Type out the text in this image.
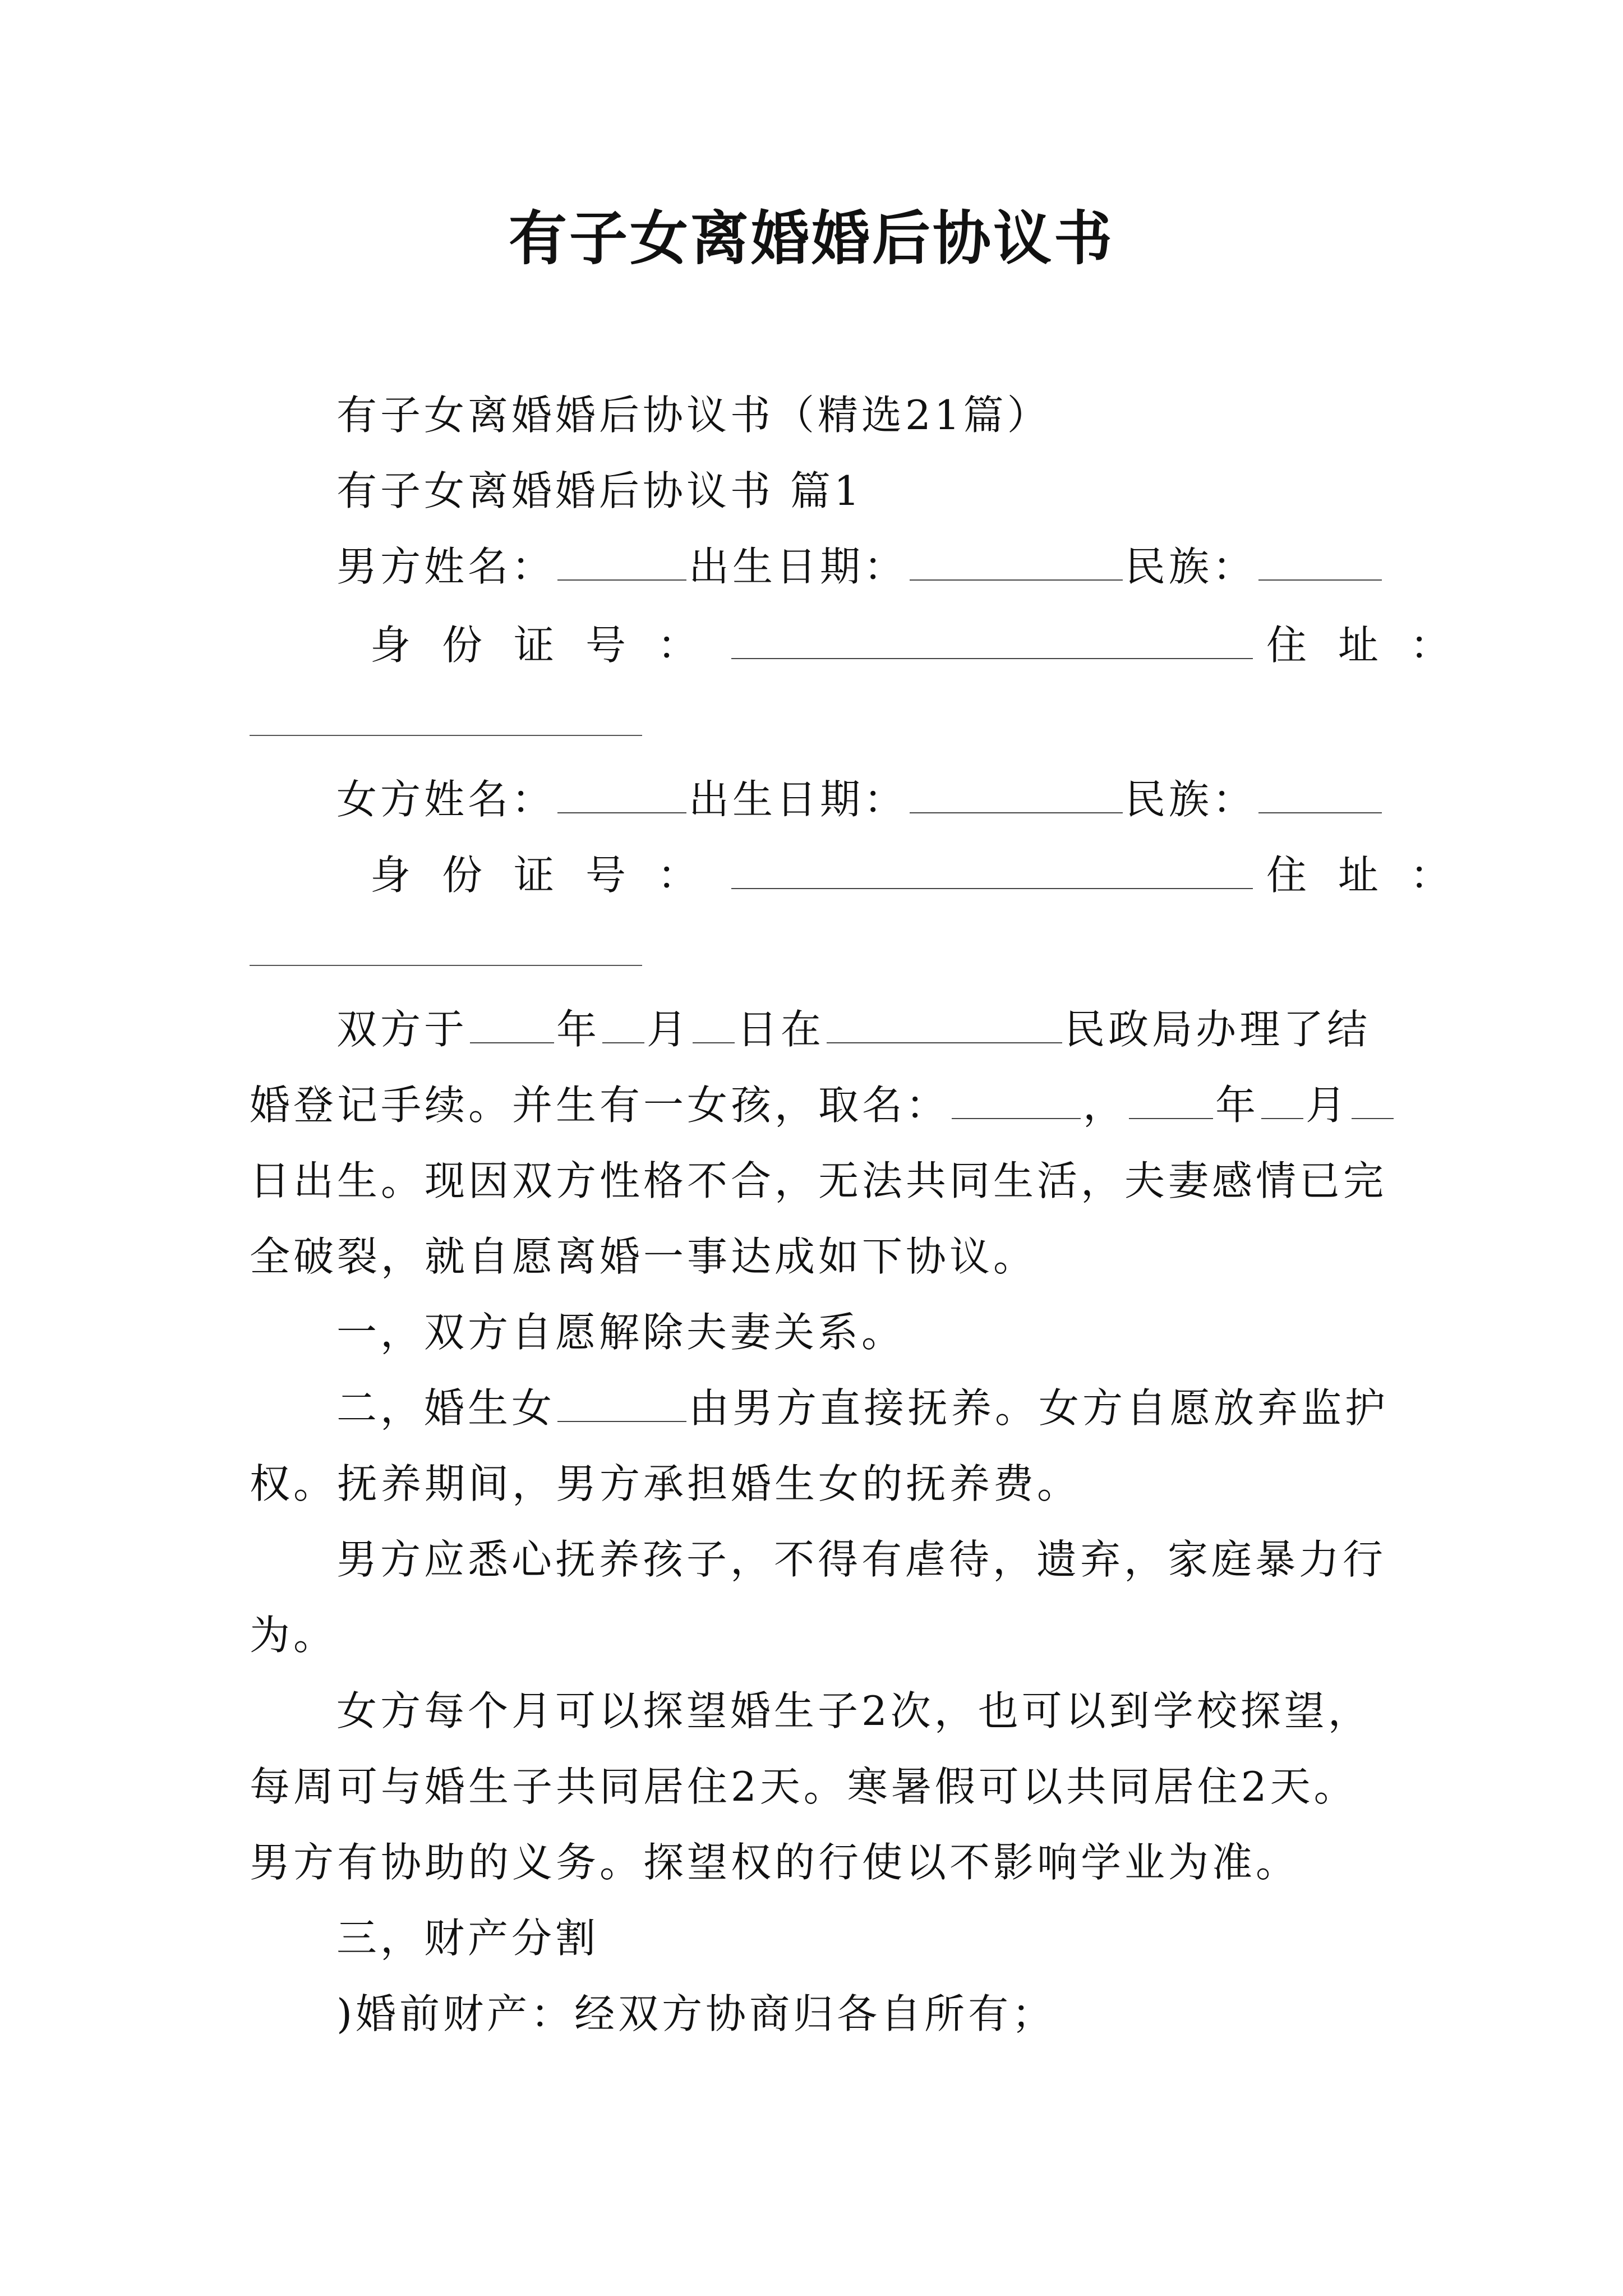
有子女离婚婚后协议书
有子女离婚婚后协议书（精选21篇）
有子女离婚婚后协议书 篇1
男方姓名：	出生日期：	民族：
身份证号：	住址：
女方姓名：	出生日期：	民族：
身份证号：	住址：
双方于 年 月 日在	民政局办理了结
婚登记手续。并生有一女孩，取名：	， 年 月
日出生。现因双方性格不合，无法共同生活，夫妻感情已完
全破裂，就自愿离婚一事达成如下协议。
一，双方自愿解除夫妻关系。
二，婚生女	由男方直接抚养。女方自愿放弃监护
权。抚养期间，男方承担婚生女的抚养费。
男方应悉心抚养孩子，不得有虐待，遗弃，家庭暴力行
为。
女方每个月可以探望婚生子2次，也可以到学校探望，
每周可与婚生子共同居住2天。寒暑假可以共同居住2天。
男方有协助的义务。探望权的行使以不影响学业为准。
三，财产分割
)婚前财产：经双方协商归各自所有；
